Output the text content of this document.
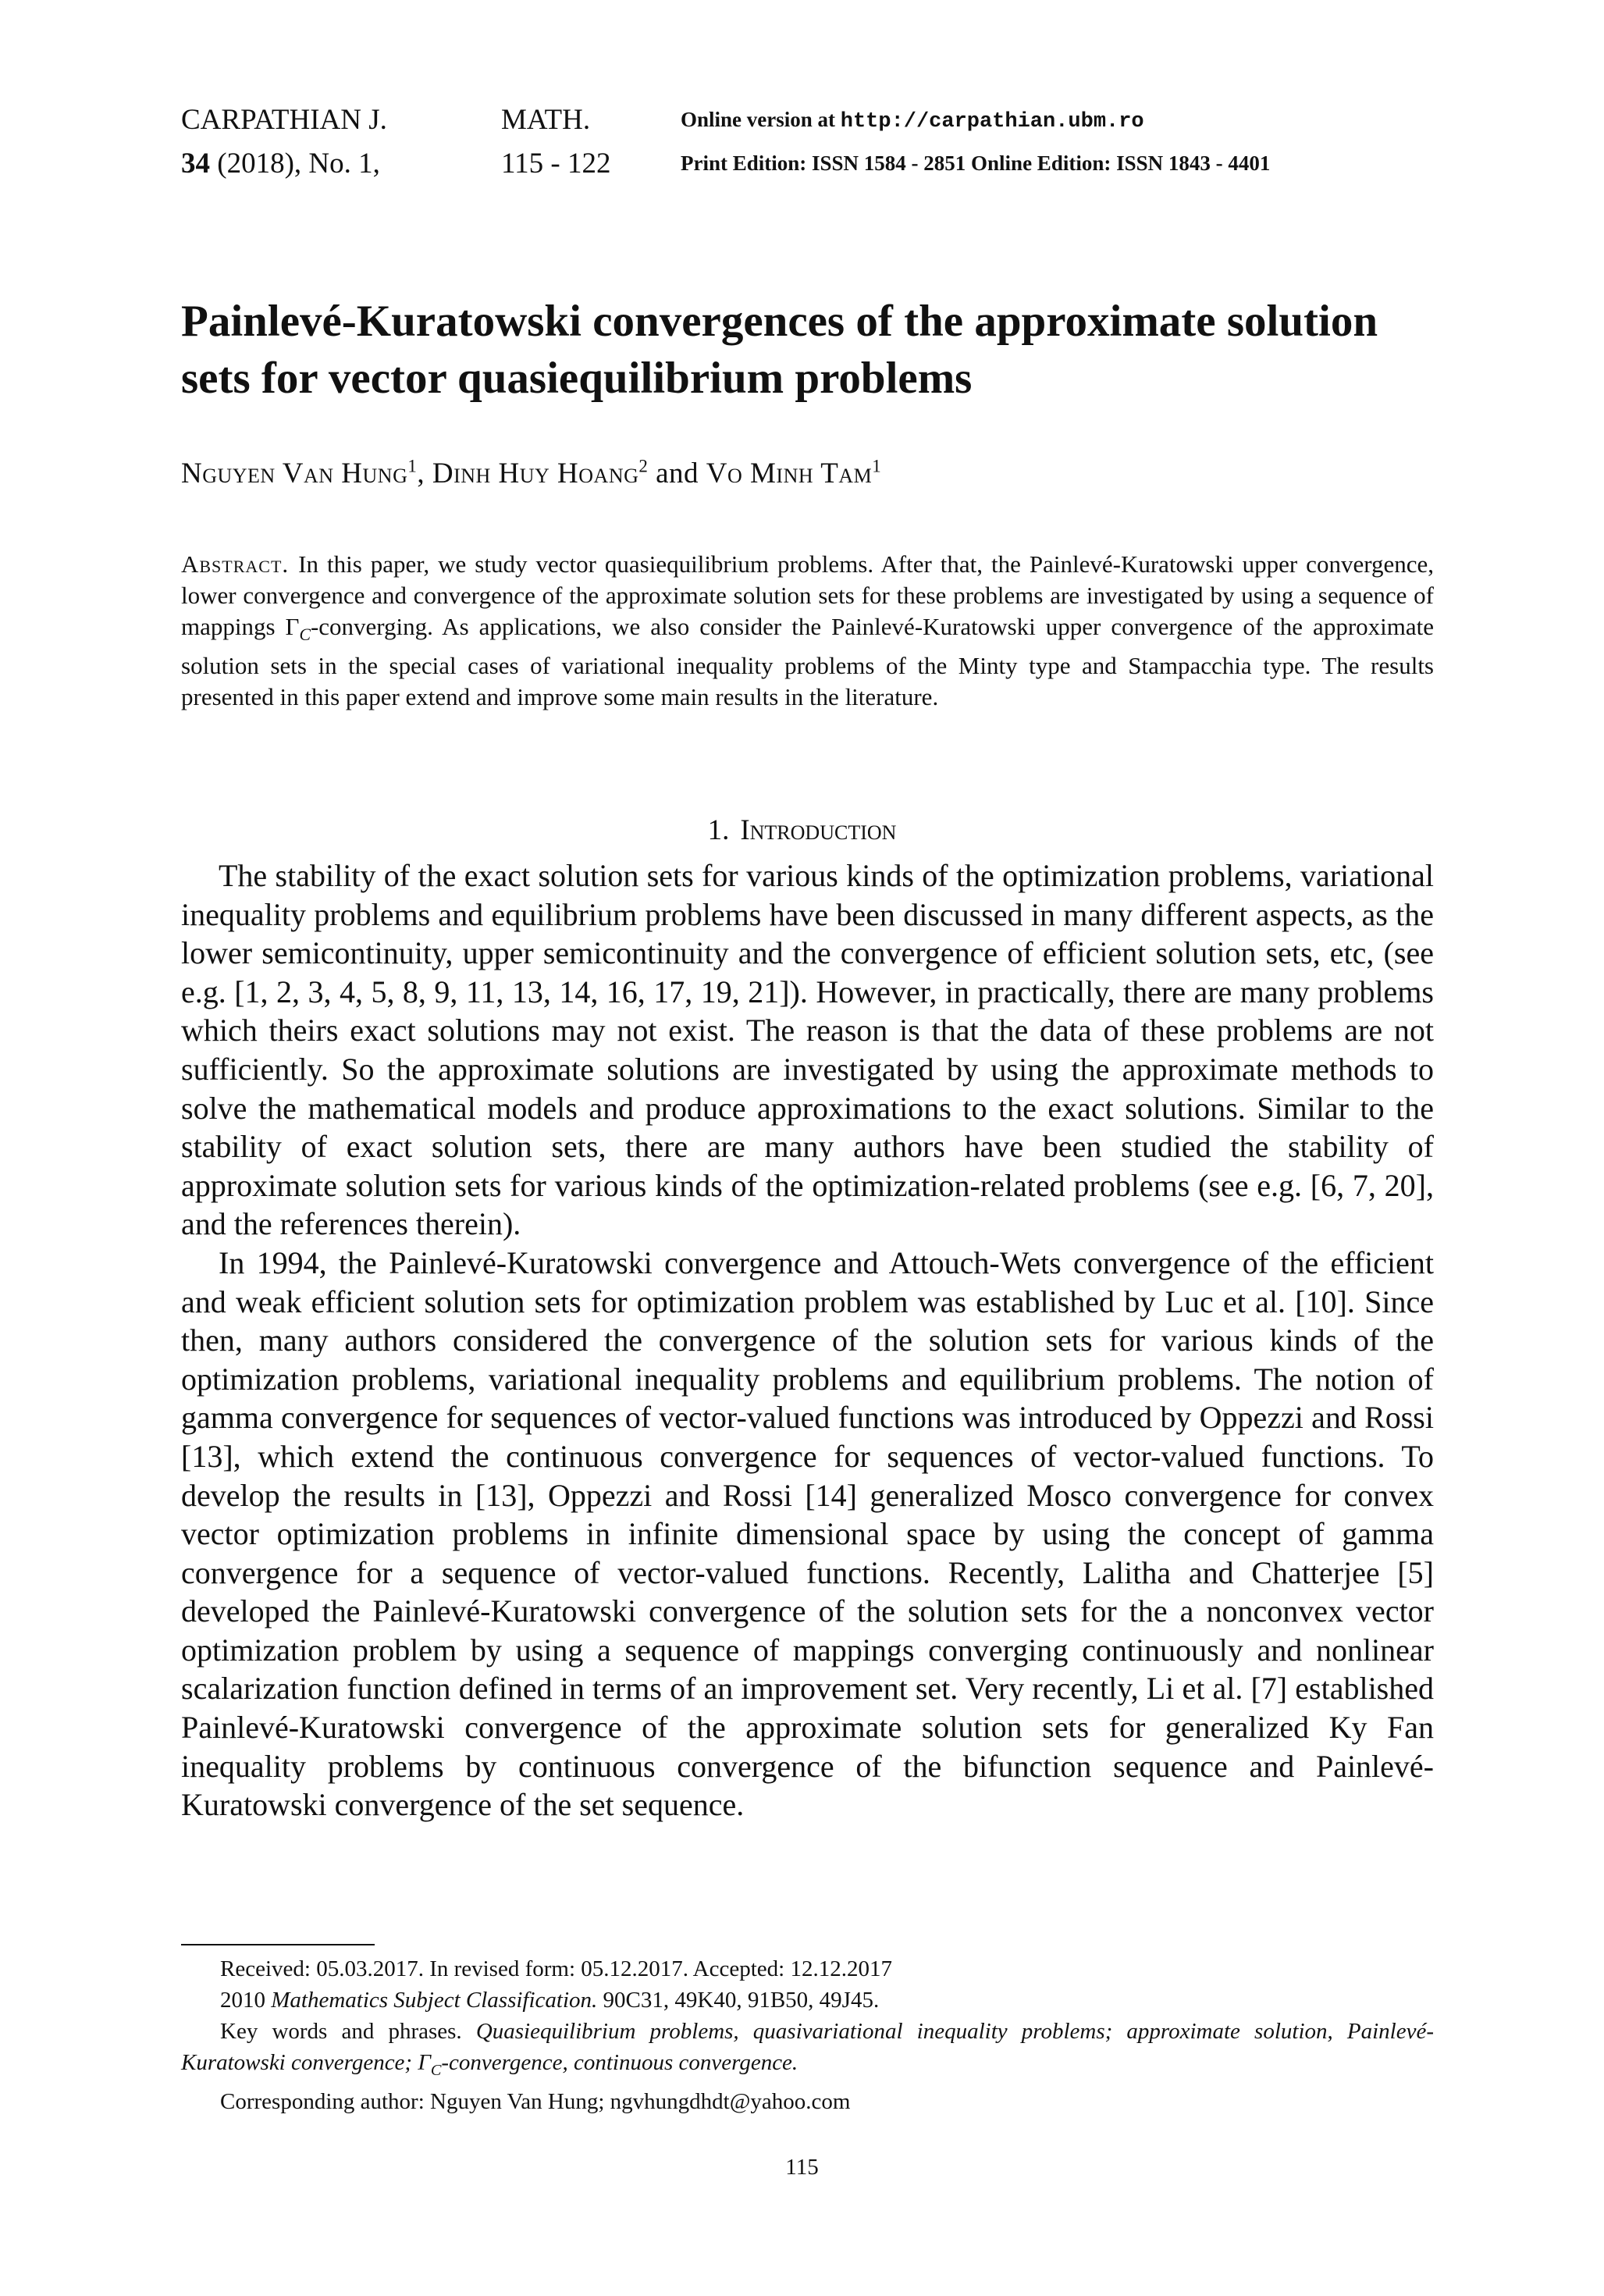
CARPATHIAN J.	MATH.	Online version at http://carpathian.ubm.ro
34 (2018), No. 1,	115 - 122	Print Edition: ISSN 1584 - 2851 Online Edition: ISSN 1843 - 4401
Painlevé-Kuratowski convergences of the approximate solution sets for vector quasiequilibrium problems
Nguyen Van Hung$^1$, Dinh Huy Hoang$^2$ and Vo Minh Tam$^1$
Abstract. In this paper, we study vector quasiequilibrium problems. After that, the Painlevé-Kuratowski upper convergence, lower convergence and convergence of the approximate solution sets for these problems are investigated by using a sequence of mappings $\Gamma_C$-converging. As applications, we also consider the Painlevé-Kuratowski upper convergence of the approximate solution sets in the special cases of variational inequality problems of the Minty type and Stampacchia type. The results presented in this paper extend and improve some main results in the literature.
1. Introduction

The stability of the exact solution sets for various kinds of the optimization problems, variational inequality problems and equilibrium problems have been discussed in many different aspects, as the lower semicontinuity, upper semicontinuity and the convergence of efficient solution sets, etc, (see e.g. [1, 2, 3, 4, 5, 8, 9, 11, 13, 14, 16, 17, 19, 21]). However, in practically, there are many problems which theirs exact solutions may not exist. The reason is that the data of these problems are not sufficiently. So the approximate solutions are investigated by using the approximate methods to solve the mathematical models and produce approximations to the exact solutions. Similar to the stability of exact solution sets, there are many authors have been studied the stability of approximate solution sets for various kinds of the optimization-related problems (see e.g. [6, 7, 20], and the references therein).

In 1994, the Painlevé-Kuratowski convergence and Attouch-Wets convergence of the efficient and weak efficient solution sets for optimization problem was established by Luc et al. [10]. Since then, many authors considered the convergence of the solution sets for various kinds of the optimization problems, variational inequality problems and equilibrium problems. The notion of gamma convergence for sequences of vector-valued functions was introduced by Oppezzi and Rossi [13], which extend the continuous convergence for sequences of vector-valued functions. To develop the results in [13], Oppezzi and Rossi [14] generalized Mosco convergence for convex vector optimization problems in infinite dimensional space by using the concept of gamma convergence for a sequence of vector-valued functions. Recently, Lalitha and Chatterjee [5] developed the Painlevé-Kuratowski convergence of the solution sets for the a nonconvex vector optimization problem by using a sequence of mappings converging continuously and nonlinear scalarization function defined in terms of an improvement set. Very recently, Li et al. [7] established Painlevé-Kuratowski convergence of the approximate solution sets for generalized Ky Fan inequality problems by continuous convergence of the bifunction sequence and Painlevé-Kuratowski convergence of the set sequence.

Received: 05.03.2017. In revised form: 05.12.2017. Accepted: 12.12.2017

2010 Mathematics Subject Classification. 90C31, 49K40, 91B50, 49J45.

Key words and phrases. Quasiequilibrium problems, quasivariational inequality problems; approximate solution, Painlevé-Kuratowski convergence; $\Gamma_C$-convergence, continuous convergence.

Corresponding author: Nguyen Van Hung; ngvhungdhdt@yahoo.com

115
